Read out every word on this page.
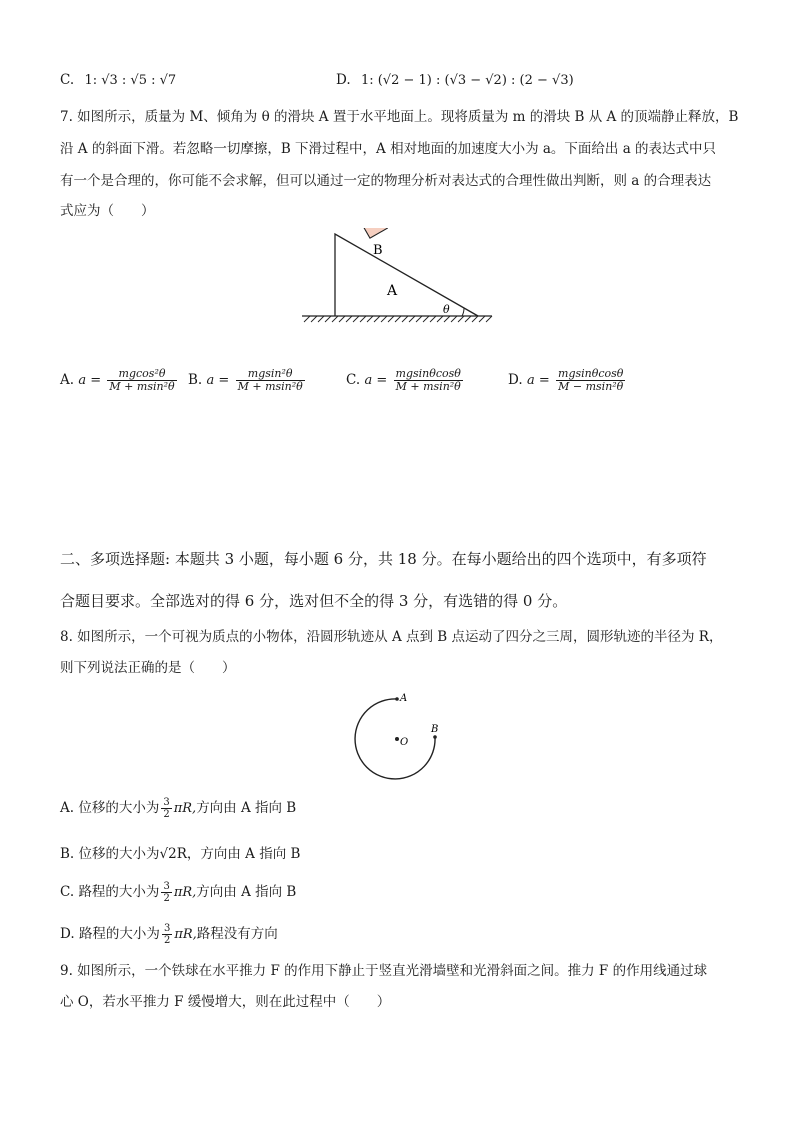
C. 1: √3 : √5 : √7	D. 1: (√2 − 1) : (√3 − √2) : (2 − √3)
7. 如图所示，质量为 M、倾角为 θ 的滑块 A 置于水平地面上。现将质量为 m 的滑块 B 从 A 的顶端静止释放，B
沿 A 的斜面下滑。若忽略一切摩擦，B 下滑过程中，A 相对地面的加速度大小为 a。下面给出 a 的表达式中只
有一个是合理的，你可能不会求解，但可以通过一定的物理分析对表达式的合理性做出判断，则 a 的合理表达
式应为（　　）
θ
B
A
A. $a = \frac{\text{mgcos²θ}}{\text{M + msin²θ}} B$. $a = \frac{\text{mgsin²θ}}{\text{M + msin²θ}}$	C. $a = \frac{mgsin\theta\cos\theta}{\text{M + msin²θ}}$	D. $a = \frac{mgsin\theta\cos\theta}{\text{M − msin²θ}}$
二、多项选择题: 本题共 3 小题，每小题 6 分，共 18 分。在每小题给出的四个选项中，有多项符
合题目要求。全部选对的得 6 分，选对但不全的得 3 分，有选错的得 0 分。
8. 如图所示，一个可视为质点的小物体，沿圆形轨迹从 A 点到 B 点运动了四分之三周，圆形轨迹的半径为 R，
则下列说法正确的是（　　）
A
B
O
A. 位移的大小为 $\frac{3}{2} \pi R$,方向由 A 指向 B
B. 位移的大小为√2R，方向由 A 指向 B
C. 路程的大小为 $\frac{3}{2} \pi R$,方向由 A 指向 B
D. 路程的大小为 $\frac{3}{2} \pi R$,路程没有方向
9. 如图所示，一个铁球在水平推力 F 的作用下静止于竖直光滑墙壁和光滑斜面之间。推力 F 的作用线通过球
心 O，若水平推力 F 缓慢增大，则在此过程中（　　）
